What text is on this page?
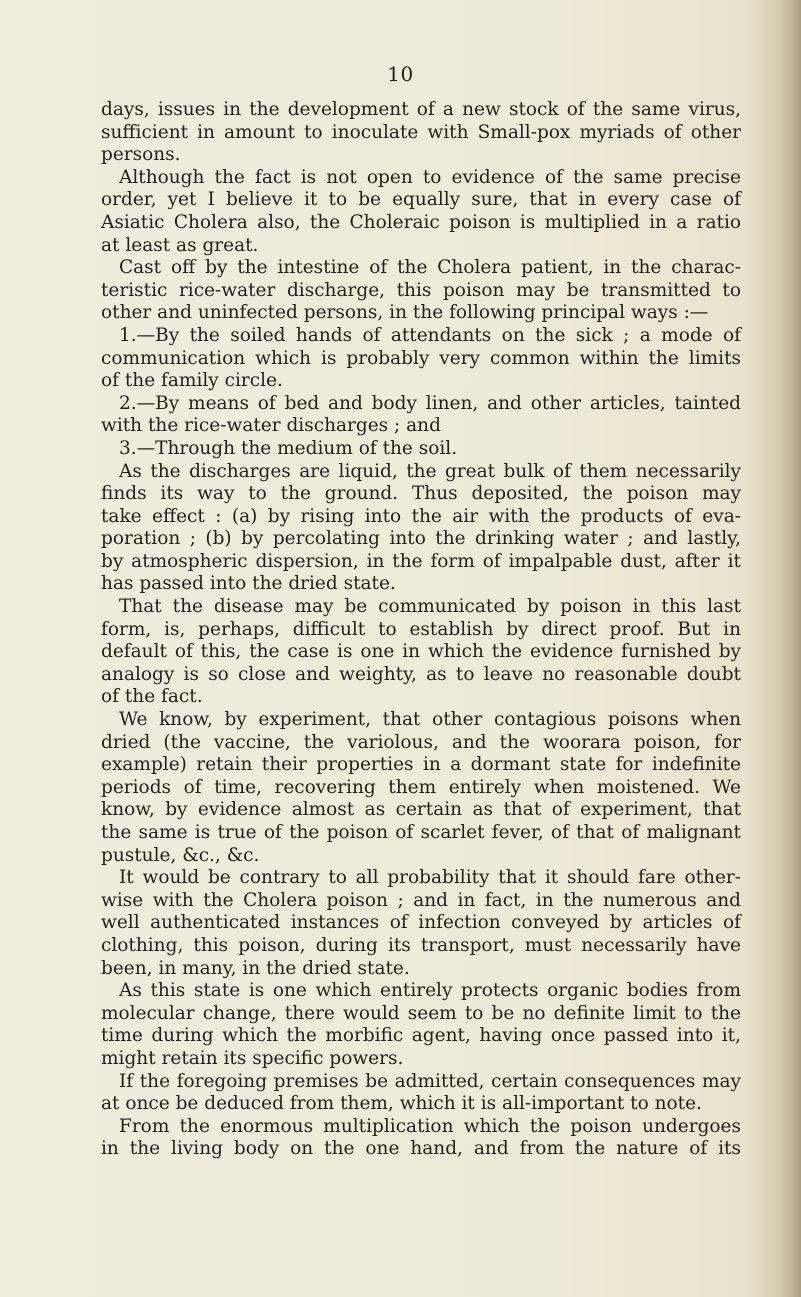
10
days, issues in the development of a new stock of the same virus,
sufficient in amount to inoculate with Small-pox myriads of other
persons.
Although the fact is not open to evidence of the same precise
order, yet I believe it to be equally sure, that in every case of
Asiatic Cholera also, the Choleraic poison is multiplied in a ratio
at least as great.
Cast off by the intestine of the Cholera patient, in the charac-
teristic rice-water discharge, this poison may be transmitted to
other and uninfected persons, in the following principal ways :—
1.—By the soiled hands of attendants on the sick ; a mode of
communication which is probably very common within the limits
of the family circle.
2.—By means of bed and body linen, and other articles, tainted
with the rice-water discharges ; and
3.—Through the medium of the soil.
As the discharges are liquid, the great bulk of them necessarily
finds its way to the ground. Thus deposited, the poison may
take effect : (a) by rising into the air with the products of eva-
poration ; (b) by percolating into the drinking water ; and lastly,
by atmospheric dispersion, in the form of impalpable dust, after it
has passed into the dried state.
That the disease may be communicated by poison in this last
form, is, perhaps, difficult to establish by direct proof. But in
default of this, the case is one in which the evidence furnished by
analogy is so close and weighty, as to leave no reasonable doubt
of the fact.
We know, by experiment, that other contagious poisons when
dried (the vaccine, the variolous, and the woorara poison, for
example) retain their properties in a dormant state for indefinite
periods of time, recovering them entirely when moistened. We
know, by evidence almost as certain as that of experiment, that
the same is true of the poison of scarlet fever, of that of malignant
pustule, &c., &c.
It would be contrary to all probability that it should fare other-
wise with the Cholera poison ; and in fact, in the numerous and
well authenticated instances of infection conveyed by articles of
clothing, this poison, during its transport, must necessarily have
been, in many, in the dried state.
As this state is one which entirely protects organic bodies from
molecular change, there would seem to be no definite limit to the
time during which the morbific agent, having once passed into it,
might retain its specific powers.
If the foregoing premises be admitted, certain consequences may
at once be deduced from them, which it is all-important to note.
From the enormous multiplication which the poison undergoes
in the living body on the one hand, and from the nature of its
